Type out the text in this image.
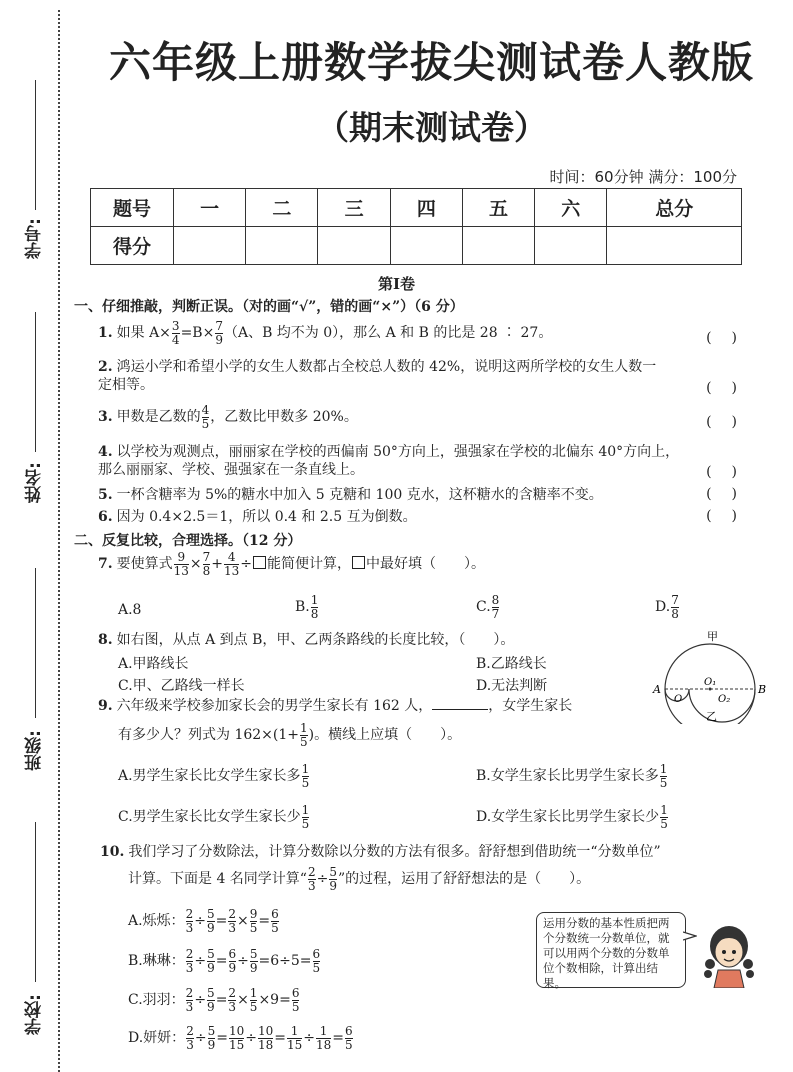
学号:
姓名:
班级:
学校:
六年级上册数学拔尖测试卷人教版
（期末测试卷）
时间：60分钟 满分：100分
题号	一	二	三	四	五	六	总分
得分							
第Ⅰ卷
一、仔细推敲，判断正误。（对的画“√”，错的画“×”）（6 分）
1. 如果 $A\times \frac{3}{4} =B\times \frac{7}{9} (A$、B 均不为 0），那么 A 和 B 的比是 28 ∶ 27。	()
2. 鸿运小学和希望小学的女生人数都占全校总人数的 42%，说明这两所学校的女生人数一
定相等。	()
3. 甲数是乙数的 $\frac{4}{5}$ ，乙数比甲数多 20%。	()
4. 以学校为观测点，丽丽家在学校的西偏南 50°方向上，强强家在学校的北偏东 40°方向上，
那么丽丽家、学校、强强家在一条直线上。	()
5. 一杯含糖率为 5%的糖水中加入 5 克糖和 100 克水，这杯糖水的含糖率不变。	()
6. 因为 0.4×2.5＝1，所以 0.4 和 2.5 互为倒数。	()
二、反复比较，合理选择。（12 分）
7. 要使算式 $\frac{9}{13} \times \frac{7}{8} + \frac{4}{13}$ ÷ 能简便计算， 中最好填（　　）。
A.8	B. $\frac{1}{8}$	C. $\frac{8}{7}$	D. $\frac{7}{8}$
8. 如右图，从点 A 到点 B，甲、乙两条路线的长度比较，（　　）。
A.甲路线长	B.乙路线长
C.甲、乙路线一样长	D.无法判断
甲
A	B
O₁
O	O₂
乙
9. 六年级来学校参加家长会的男学生家长有 162 人，	，女学生家长
有多少人？列式为 $162\times(1+ \frac{1}{5}$ )。横线上应填（　　）。
A.男学生家长比女学生家长多 $\frac{1}{5}$	B.女学生家长比男学生家长多 $\frac{1}{5}$
C.男学生家长比女学生家长少 $\frac{1}{5}$	D.女学生家长比男学生家长少 $\frac{1}{5}$
10. 我们学习了分数除法，计算分数除以分数的方法有很多。舒舒想到借助统一“分数单位”
计算。下面是 4 名同学计算“ $\frac{2}{3} \div \frac{5}{9}$ ”的过程，运用了舒舒想法的是（　　）。
A.烁烁： $\frac{2}{3} \div \frac{5}{9} = \frac{2}{3} \times \frac{9}{5} = \frac{6}{5}$
B.琳琳： $\frac{2}{3} \div \frac{5}{9} = \frac{6}{9} \div \frac{5}{9} =6\div 5= \frac{6}{5}$
C.羽羽： $\frac{2}{3} \div \frac{5}{9} = \frac{2}{3} \times \frac{1}{5} \times 9= \frac{6}{5}$
D.妍妍： $\frac{2}{3} \div \frac{5}{9} = \frac{10}{15} \div \frac{10}{18} = \frac{1}{15} \div \frac{1}{18} = \frac{6}{5}$
运用分数的基本性质把两个分数统一分数单位，就可以用两个分数的分数单位个数相除，计算出结果。
